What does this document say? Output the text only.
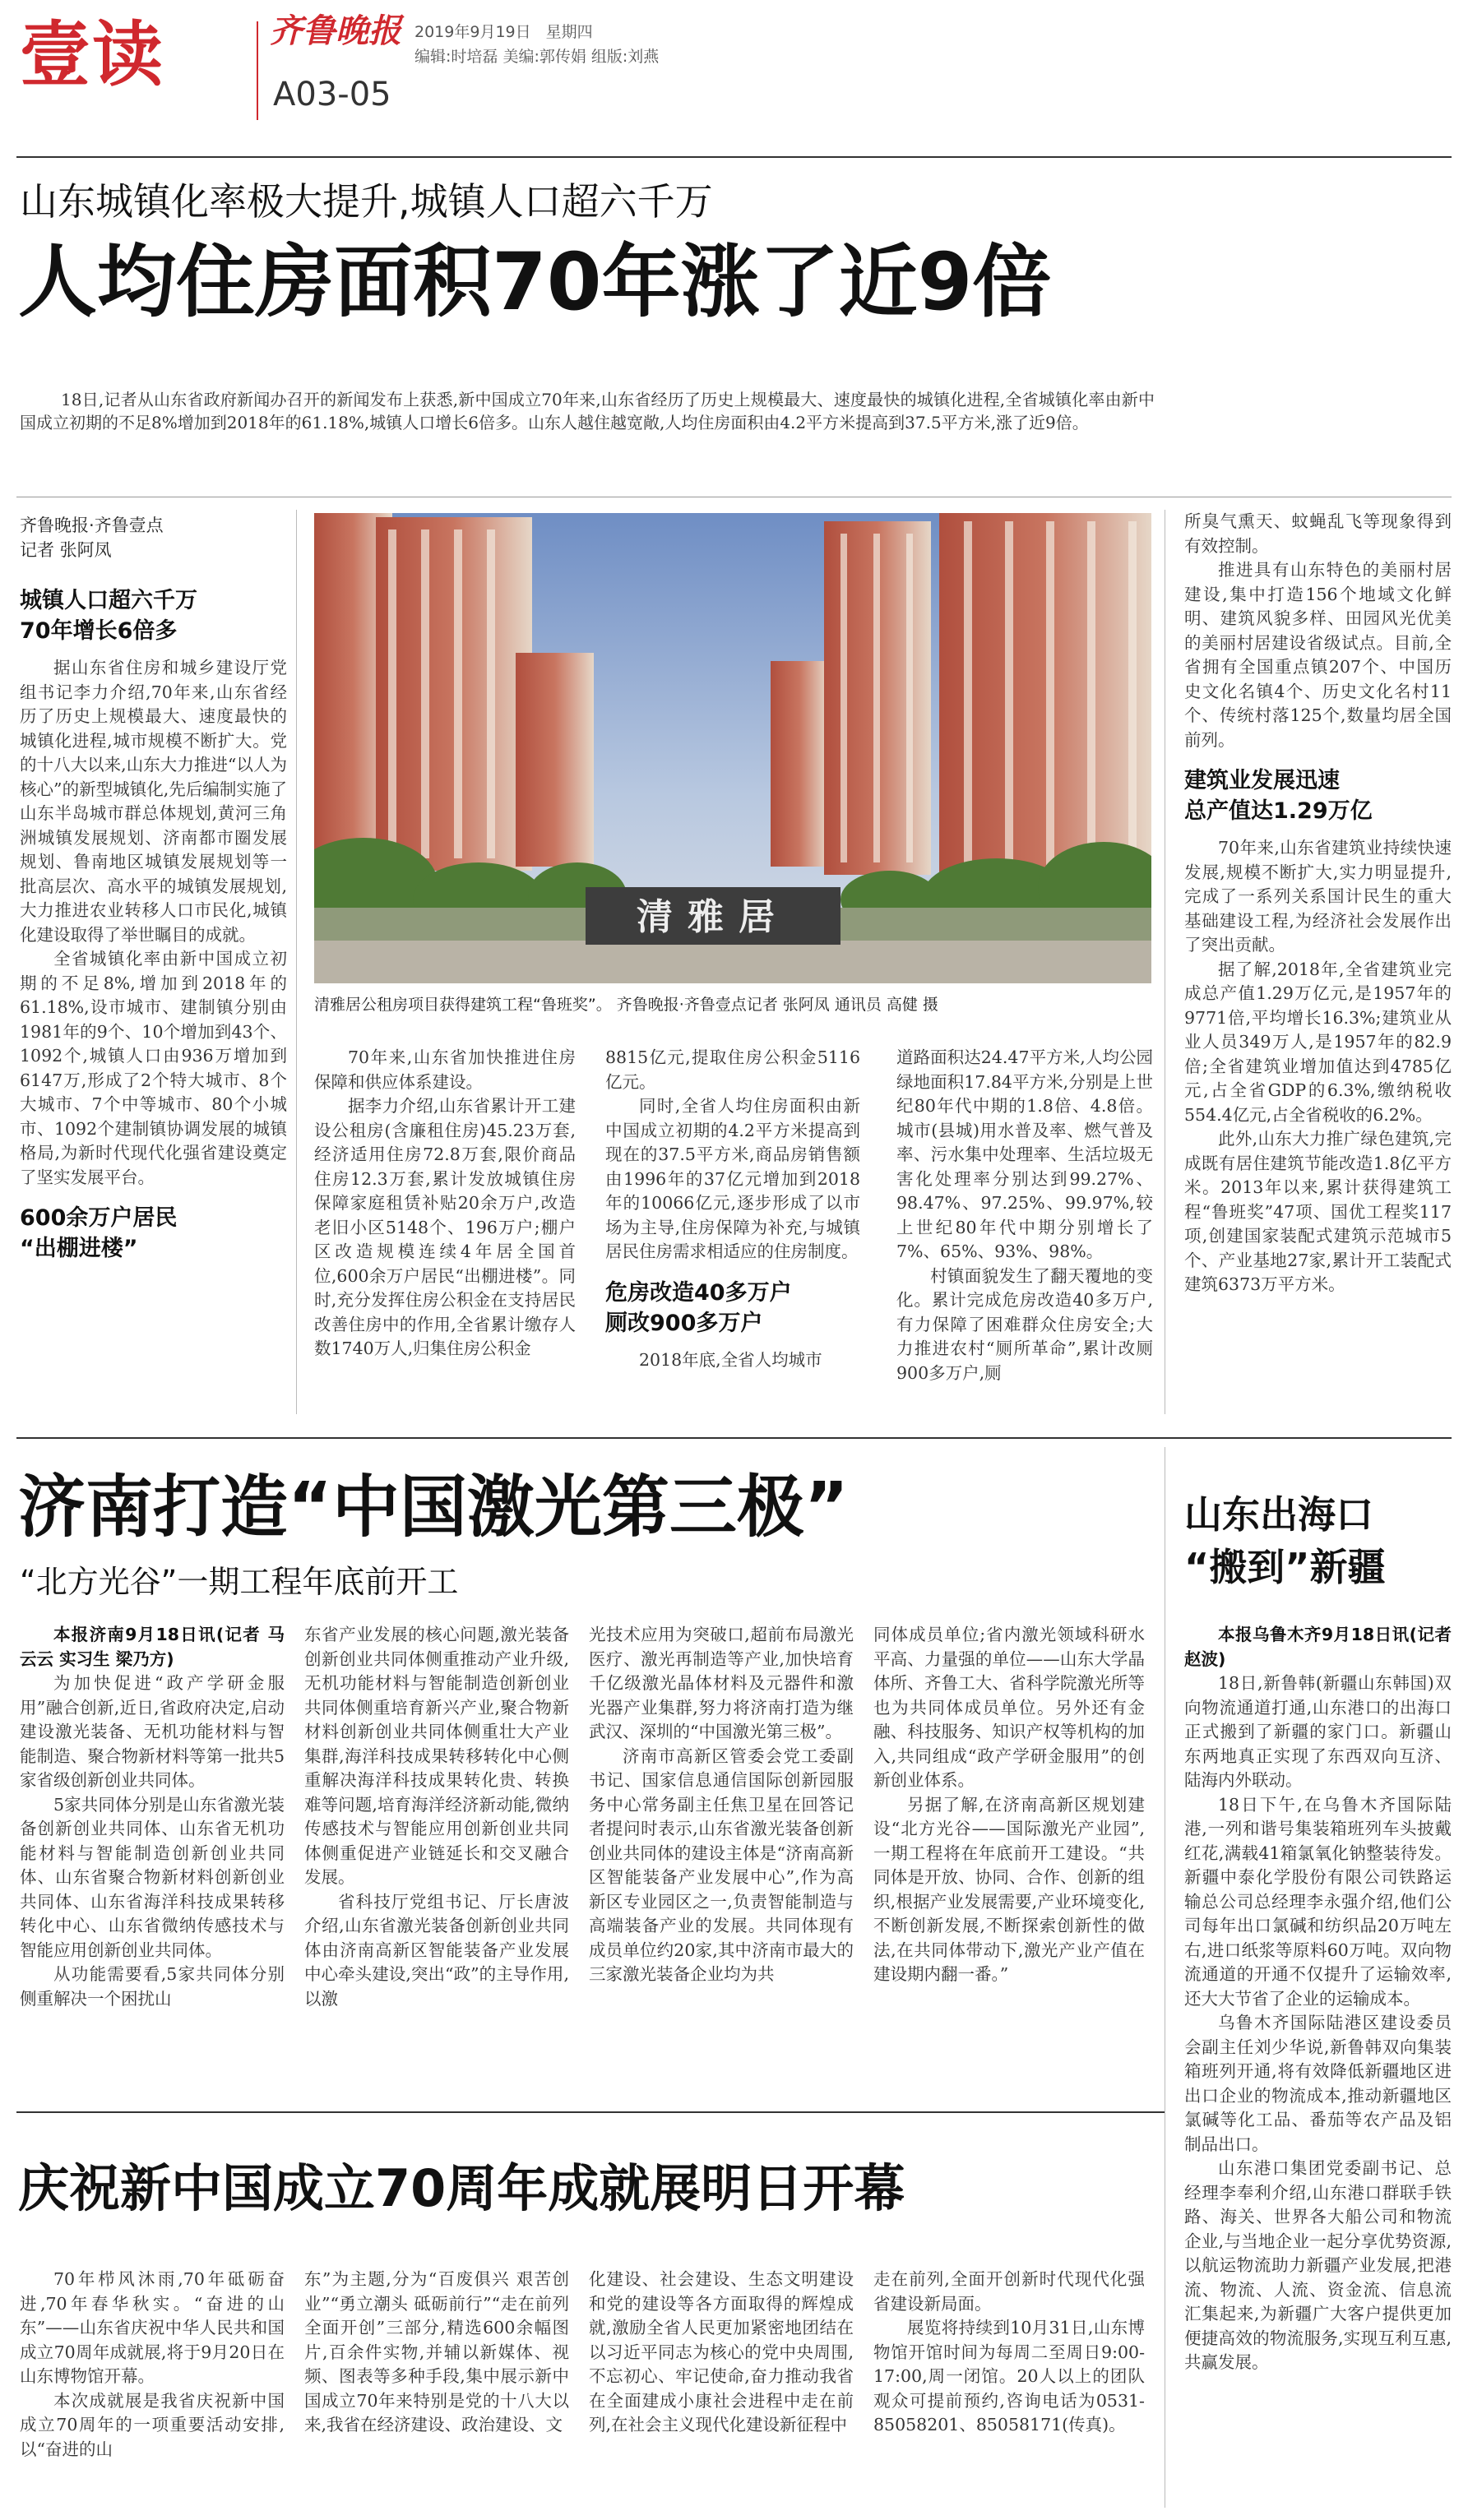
壹读	齐鲁晚报 2019年9月19日 星期四
编辑:时培磊 美编:郭传娟 组版:刘燕
A03-05
山东城镇化率极大提升,城镇人口超六千万
人均住房面积70年涨了近9倍
18日,记者从山东省政府新闻办召开的新闻发布上获悉,新中国成立70年来,山东省经历了历史上规模最大、速度最快的城镇化进程,全省城镇化率由新中国成立初期的不足8%增加到2018年的61.18%,城镇人口增长6倍多。山东人越住越宽敞,人均住房面积由4.2平方米提高到37.5平方米,涨了近9倍。
齐鲁晚报·齐鲁壹点
记者 张阿凤
清雅居
清雅居公租房项目获得建筑工程“鲁班奖”。 齐鲁晚报·齐鲁壹点记者 张阿凤 通讯员 高健 摄
城镇人口超六千万
70年增长6倍多

据山东省住房和城乡建设厅党组书记李力介绍,70年来,山东省经历了历史上规模最大、速度最快的城镇化进程,城市规模不断扩大。党的十八大以来,山东大力推进“以人为核心”的新型城镇化,先后编制实施了山东半岛城市群总体规划,黄河三角洲城镇发展规划、济南都市圈发展规划、鲁南地区城镇发展规划等一批高层次、高水平的城镇发展规划,大力推进农业转移人口市民化,城镇化建设取得了举世瞩目的成就。

全省城镇化率由新中国成立初期的不足8%,增加到2018年的61.18%,设市城市、建制镇分别由1981年的9个、10个增加到43个、1092个,城镇人口由936万增加到6147万,形成了2个特大城市、8个大城市、7个中等城市、80个小城市、1092个建制镇协调发展的城镇格局,为新时代现代化强省建设奠定了坚实发展平台。

600余万户居民
“出棚进楼”

70年来,山东省加快推进住房保障和供应体系建设。

据李力介绍,山东省累计开工建设公租房(含廉租住房)45.23万套,经济适用住房72.8万套,限价商品住房12.3万套,累计发放城镇住房保障家庭租赁补贴20余万户,改造老旧小区5148个、196万户;棚户区改造规模连续4年居全国首位,600余万户居民“出棚进楼”。同时,充分发挥住房公积金在支持居民改善住房中的作用,全省累计缴存人数1740万人,归集住房公积金

8815亿元,提取住房公积金5116亿元。

同时,全省人均住房面积由新中国成立初期的4.2平方米提高到现在的37.5平方米,商品房销售额由1996年的37亿元增加到2018年的10066亿元,逐步形成了以市场为主导,住房保障为补充,与城镇居民住房需求相适应的住房制度。

危房改造40多万户
厕改900多万户

2018年底,全省人均城市

道路面积达24.47平方米,人均公园绿地面积17.84平方米,分别是上世纪80年代中期的1.8倍、4.8倍。城市(县城)用水普及率、燃气普及率、污水集中处理率、生活垃圾无害化处理率分别达到99.27%、98.47%、97.25%、99.97%,较上世纪80年代中期分别增长了7%、65%、93%、98%。

村镇面貌发生了翻天覆地的变化。累计完成危房改造40多万户,有力保障了困难群众住房安全;大力推进农村“厕所革命”,累计改厕900多万户,厕

所臭气熏天、蚊蝇乱飞等现象得到有效控制。

推进具有山东特色的美丽村居建设,集中打造156个地域文化鲜明、建筑风貌多样、田园风光优美的美丽村居建设省级试点。目前,全省拥有全国重点镇207个、中国历史文化名镇4个、历史文化名村11个、传统村落125个,数量均居全国前列。

建筑业发展迅速
总产值达1.29万亿

70年来,山东省建筑业持续快速发展,规模不断扩大,实力明显提升,完成了一系列关系国计民生的重大基础建设工程,为经济社会发展作出了突出贡献。

据了解,2018年,全省建筑业完成总产值1.29万亿元,是1957年的9771倍,平均增长16.3%;建筑业从业人员349万人,是1957年的82.9倍;全省建筑业增加值达到4785亿元,占全省GDP的6.3%,缴纳税收554.4亿元,占全省税收的6.2%。

此外,山东大力推广绿色建筑,完成既有居住建筑节能改造1.8亿平方米。2013年以来,累计获得建筑工程“鲁班奖”47项、国优工程奖117项,创建国家装配式建筑示范城市5个、产业基地27家,累计开工装配式建筑6373万平方米。

济南打造“中国激光第三极”
“北方光谷”一期工程年底前开工

本报济南9月18日讯(记者 马云云 实习生 梁乃方)

为加快促进“政产学研金服用”融合创新,近日,省政府决定,启动建设激光装备、无机功能材料与智能制造、聚合物新材料等第一批共5家省级创新创业共同体。

5家共同体分别是山东省激光装备创新创业共同体、山东省无机功能材料与智能制造创新创业共同体、山东省聚合物新材料创新创业共同体、山东省海洋科技成果转移转化中心、山东省微纳传感技术与智能应用创新创业共同体。

从功能需要看,5家共同体分别侧重解决一个困扰山

东省产业发展的核心问题,激光装备创新创业共同体侧重推动产业升级,无机功能材料与智能制造创新创业共同体侧重培育新兴产业,聚合物新材料创新创业共同体侧重壮大产业集群,海洋科技成果转移转化中心侧重解决海洋科技成果转化贵、转换难等问题,培育海洋经济新动能,微纳传感技术与智能应用创新创业共同体侧重促进产业链延长和交叉融合发展。

省科技厅党组书记、厅长唐波介绍,山东省激光装备创新创业共同体由济南高新区智能装备产业发展中心牵头建设,突出“政”的主导作用,以激

光技术应用为突破口,超前布局激光医疗、激光再制造等产业,加快培育千亿级激光晶体材料及元器件和激光器产业集群,努力将济南打造为继武汉、深圳的“中国激光第三极”。

济南市高新区管委会党工委副书记、国家信息通信国际创新园服务中心常务副主任焦卫星在回答记者提问时表示,山东省激光装备创新创业共同体的建设主体是“济南高新区智能装备产业发展中心”,作为高新区专业园区之一,负责智能制造与高端装备产业的发展。共同体现有成员单位约20家,其中济南市最大的三家激光装备企业均为共

同体成员单位;省内激光领域科研水平高、力量强的单位——山东大学晶体所、齐鲁工大、省科学院激光所等也为共同体成员单位。另外还有金融、科技服务、知识产权等机构的加入,共同组成“政产学研金服用”的创新创业体系。

另据了解,在济南高新区规划建设“北方光谷——国际激光产业园”,一期工程将在年底前开工建设。“共同体是开放、协同、合作、创新的组织,根据产业发展需要,产业环境变化,不断创新发展,不断探索创新性的做法,在共同体带动下,激光产业产值在建设期内翻一番。”

山东出海口
“搬到”新疆

本报乌鲁木齐9月18日讯(记者 赵波)

18日,新鲁韩(新疆山东韩国)双向物流通道打通,山东港口的出海口正式搬到了新疆的家门口。新疆山东两地真正实现了东西双向互济、陆海内外联动。

18日下午,在乌鲁木齐国际陆港,一列和谐号集装箱班列车头披戴红花,满载41箱氯氧化钠整装待发。新疆中泰化学股份有限公司铁路运输总公司总经理李永强介绍,他们公司每年出口氯碱和纺织品20万吨左右,进口纸浆等原料60万吨。双向物流通道的开通不仅提升了运输效率,还大大节省了企业的运输成本。

乌鲁木齐国际陆港区建设委员会副主任刘少华说,新鲁韩双向集装箱班列开通,将有效降低新疆地区进出口企业的物流成本,推动新疆地区氯碱等化工品、番茄等农产品及铝制品出口。

山东港口集团党委副书记、总经理李奉利介绍,山东港口群联手铁路、海关、世界各大船公司和物流企业,与当地企业一起分享优势资源,以航运物流助力新疆产业发展,把港流、物流、人流、资金流、信息流汇集起来,为新疆广大客户提供更加便捷高效的物流服务,实现互利互惠,共赢发展。

庆祝新中国成立70周年成就展明日开幕

70年栉风沐雨,70年砥砺奋进,70年春华秋实。“奋进的山东”——山东省庆祝中华人民共和国成立70周年成就展,将于9月20日在山东博物馆开幕。

本次成就展是我省庆祝新中国成立70周年的一项重要活动安排,以“奋进的山

东”为主题,分为“百废俱兴 艰苦创业”“勇立潮头 砥砺前行”“走在前列 全面开创”三部分,精选600余幅图片,百余件实物,并辅以新媒体、视频、图表等多种手段,集中展示新中国成立70年来特别是党的十八大以来,我省在经济建设、政治建设、文

化建设、社会建设、生态文明建设和党的建设等各方面取得的辉煌成就,激励全省人民更加紧密地团结在以习近平同志为核心的党中央周围,不忘初心、牢记使命,奋力推动我省在全面建成小康社会进程中走在前列,在社会主义现代化建设新征程中

走在前列,全面开创新时代现代化强省建设新局面。

展览将持续到10月31日,山东博物馆开馆时间为每周二至周日9:00-17:00,周一闭馆。20人以上的团队观众可提前预约,咨询电话为0531-85058201、85058171(传真)。
